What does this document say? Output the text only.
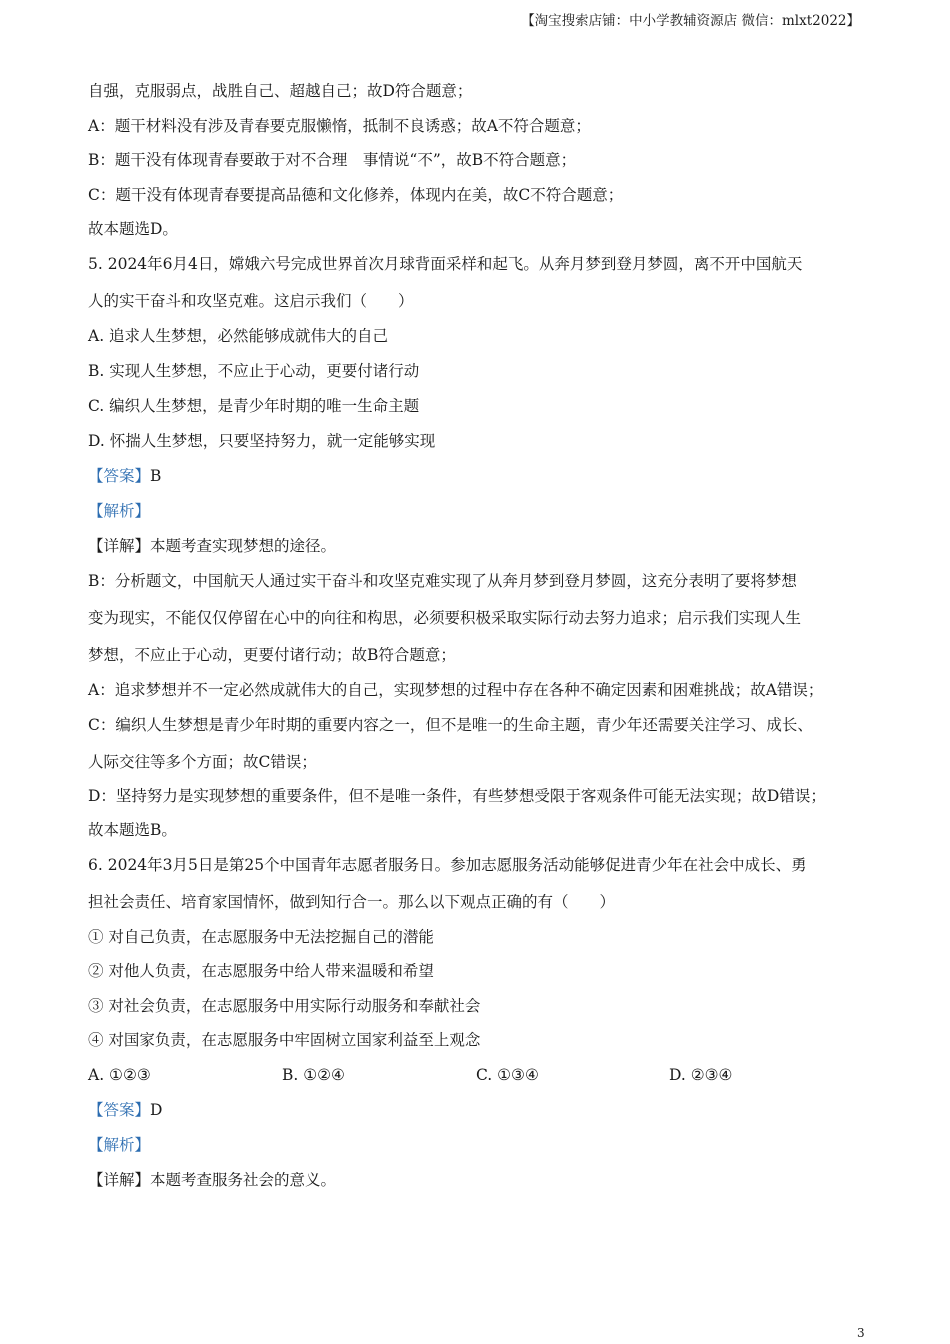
【淘宝搜索店铺：中小学教辅资源店 微信：mlxt2022】
自强，克服弱点，战胜自己、超越自己；故D符合题意；
A：题干材料没有涉及青春要克服懒惰，抵制不良诱惑；故A不符合题意；
B：题干没有体现青春要敢于对不合理　事情说“不”，故B不符合题意；
C：题干没有体现青春要提高品德和文化修养，体现内在美，故C不符合题意；
故本题选D。
5. 2024年6月4日，嫦娥六号完成世界首次月球背面采样和起飞。从奔月梦到登月梦圆，离不开中国航天
人的实干奋斗和攻坚克难。这启示我们（　　）
A. 追求人生梦想，必然能够成就伟大的自己
B. 实现人生梦想，不应止于心动，更要付诸行动
C. 编织人生梦想，是青少年时期的唯一生命主题
D. 怀揣人生梦想，只要坚持努力，就一定能够实现
【答案】B
【解析】
【详解】本题考查实现梦想的途径。
B：分析题文，中国航天人通过实干奋斗和攻坚克难实现了从奔月梦到登月梦圆，这充分表明了要将梦想
变为现实，不能仅仅停留在心中的向往和构思，必须要积极采取实际行动去努力追求；启示我们实现人生
梦想，不应止于心动，更要付诸行动；故B符合题意；
A：追求梦想并不一定必然成就伟大的自己，实现梦想的过程中存在各种不确定因素和困难挑战；故A错误；
C：编织人生梦想是青少年时期的重要内容之一，但不是唯一的生命主题，青少年还需要关注学习、成长、
人际交往等多个方面；故C错误；
D：坚持努力是实现梦想的重要条件，但不是唯一条件，有些梦想受限于客观条件可能无法实现；故D错误；
故本题选B。
6. 2024年3月5日是第25个中国青年志愿者服务日。参加志愿服务活动能够促进青少年在社会中成长、勇
担社会责任、培育家国情怀，做到知行合一。那么以下观点正确的有（　　）
① 对自己负责，在志愿服务中无法挖掘自己的潜能
② 对他人负责，在志愿服务中给人带来温暖和希望
③ 对社会负责，在志愿服务中用实际行动服务和奉献社会
④ 对国家负责，在志愿服务中牢固树立国家利益至上观念
A. ①②③	B. ①②④	C. ①③④	D. ②③④
【答案】D
【解析】
【详解】本题考查服务社会的意义。
3
